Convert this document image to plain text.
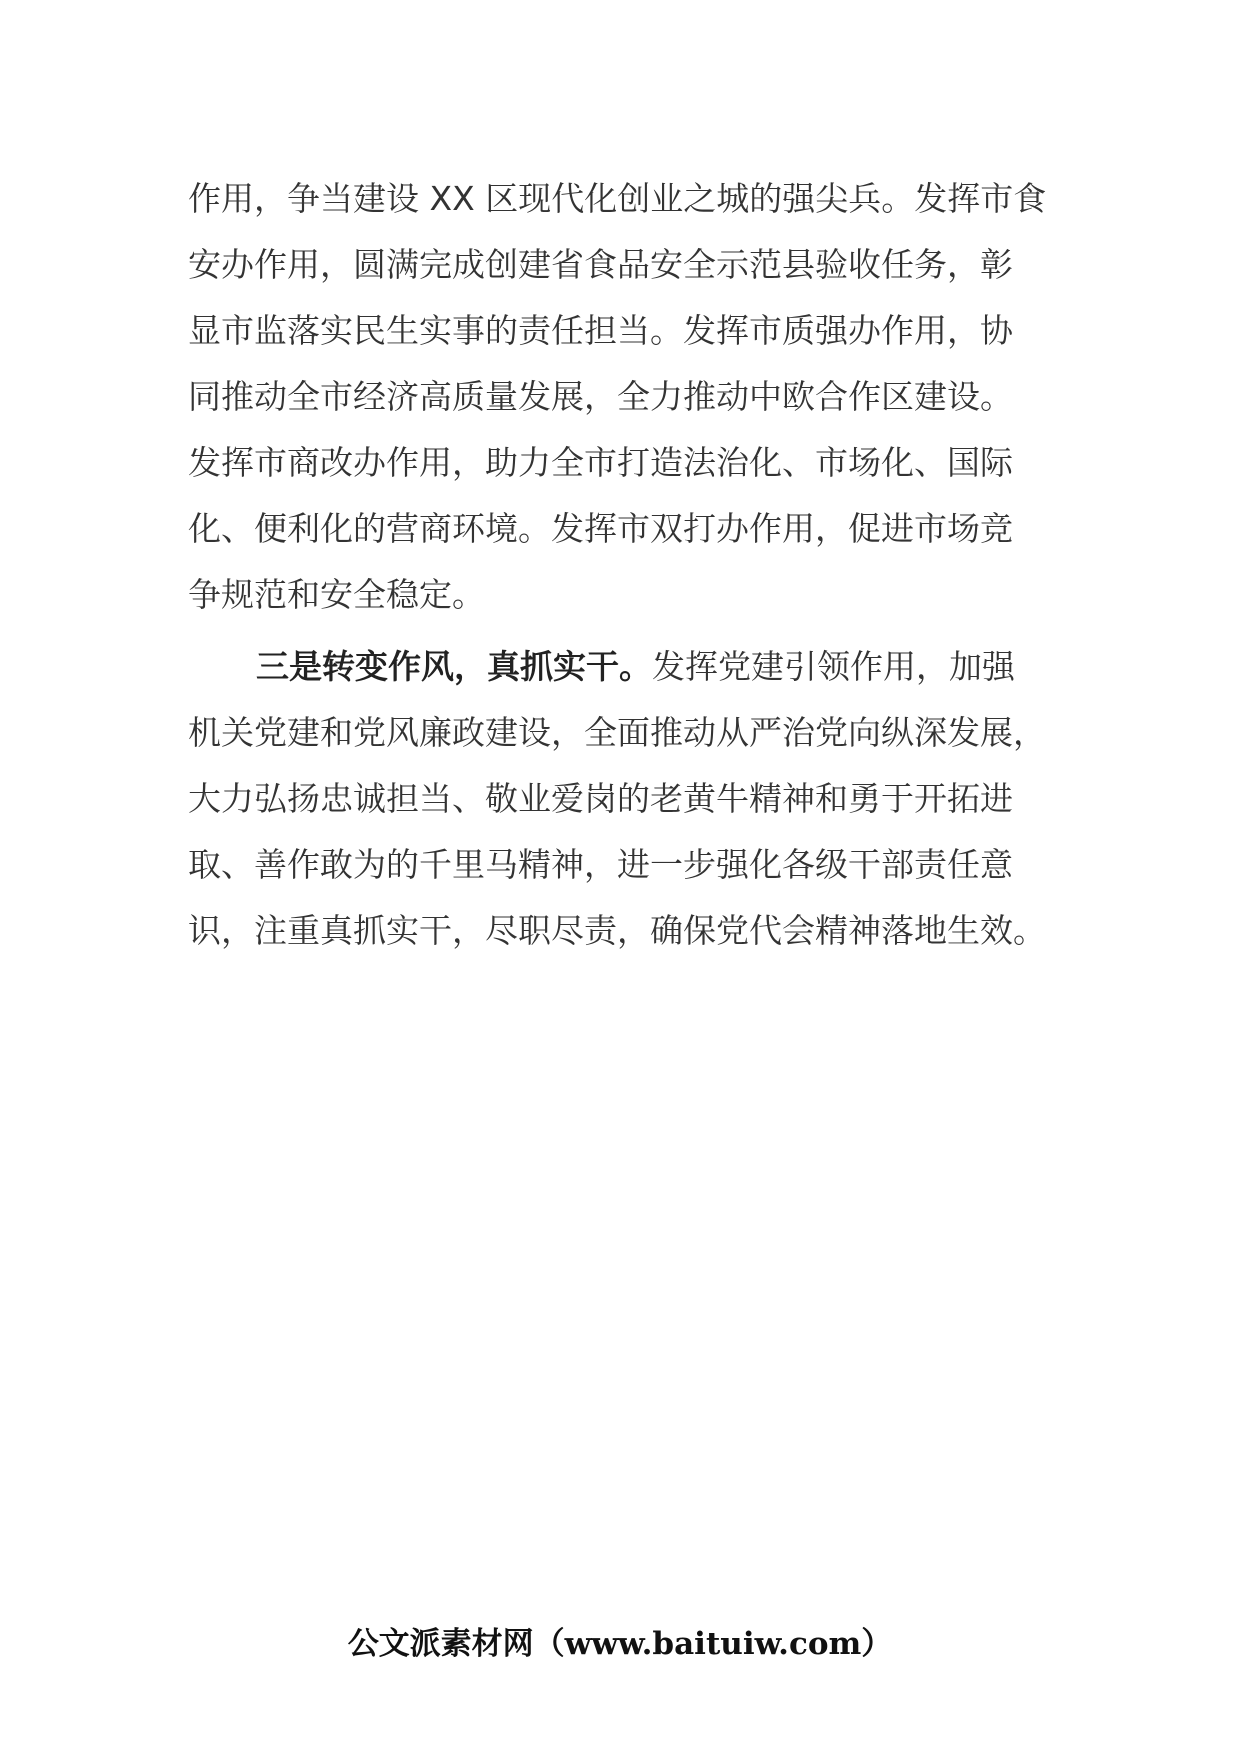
作用，争当建设 XX 区现代化创业之城的强尖兵。发挥市食
安办作用，圆满完成创建省食品安全示范县验收任务，彰
显市监落实民生实事的责任担当。发挥市质强办作用，协
同推动全市经济高质量发展，全力推动中欧合作区建设。
发挥市商改办作用，助力全市打造法治化、市场化、国际
化、便利化的营商环境。发挥市双打办作用，促进市场竞
争规范和安全稳定。
三是转变作风，真抓实干。发挥党建引领作用，加强
机关党建和党风廉政建设，全面推动从严治党向纵深发展，
大力弘扬忠诚担当、敬业爱岗的老黄牛精神和勇于开拓进
取、善作敢为的千里马精神，进一步强化各级干部责任意
识，注重真抓实干，尽职尽责，确保党代会精神落地生效。
公文派素材网（www.baituiw.com）
